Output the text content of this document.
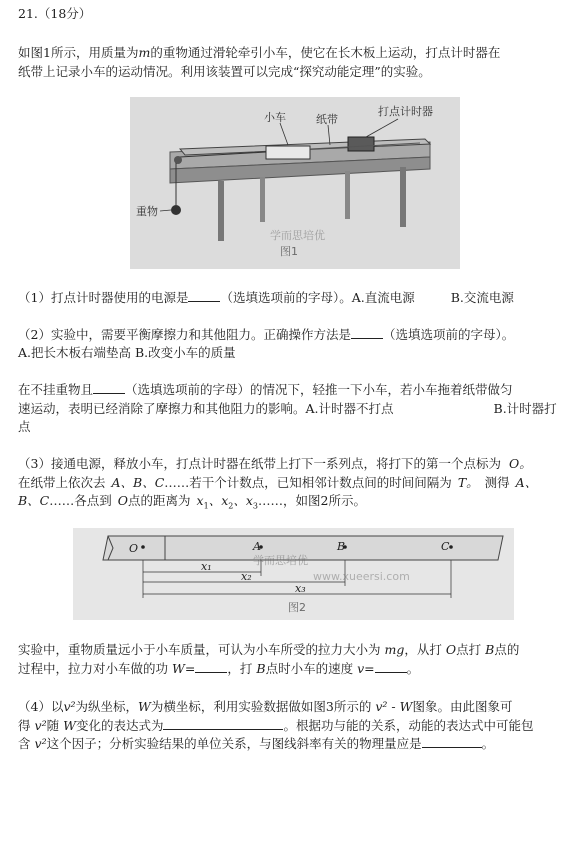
21.（18分）
如图1所示，用质量为m的重物通过滑轮牵引小车，使它在长木板上运动，打点计时器在
纸带上记录小车的运动情况。利用该装置可以完成“探究动能定理”的实验。
小车	纸带
打点计时器
重物
学而思培优
图1
（1）打点计时器使用的电源是	（选填选项前的字母）。A.直流电源	B.交流电源
（2）实验中，需要平衡摩擦力和其他阻力。正确操作方法是	（选填选项前的字母）。
A.把长木板右端垫高 B.改变小车的质量
在不挂重物且	（选填选项前的字母）的情况下，轻推一下小车，若小车拖着纸带做匀
速运动，表明已经消除了摩擦力和其他阻力的影响。A.计时器不打点	B.计时器打
点
（3）接通电源，释放小车，打点计时器在纸带上打下一系列点，将打下的第一个点标为 O。
在纸带上依次去 A、B、C……若干个计数点，已知相邻计数点间的时间间隔为 T。 测得 A、
B、C……各点到 O点的距离为 $x_1$、$x_2$、$x_3\dots\dots$，如图2所示。
O	A	B	C
x₁
x₂
x₃
图2
学而思培优
www.xueersi.com
实验中，重物质量远小于小车质量，可认为小车所受的拉力大小为 mg，从打 O点打 B点的
过程中，拉力对小车做的功 W=	，打 B点时小车的速度 v=	。
（4）以v²为纵坐标，W为横坐标，利用实验数据做如图3所示的 v² - W图象。由此图象可
得 v²随 W变化的表达式为	。根据功与能的关系，动能的表达式中可能包
含 v²这个因子；分析实验结果的单位关系，与图线斜率有关的物理量应是	。
